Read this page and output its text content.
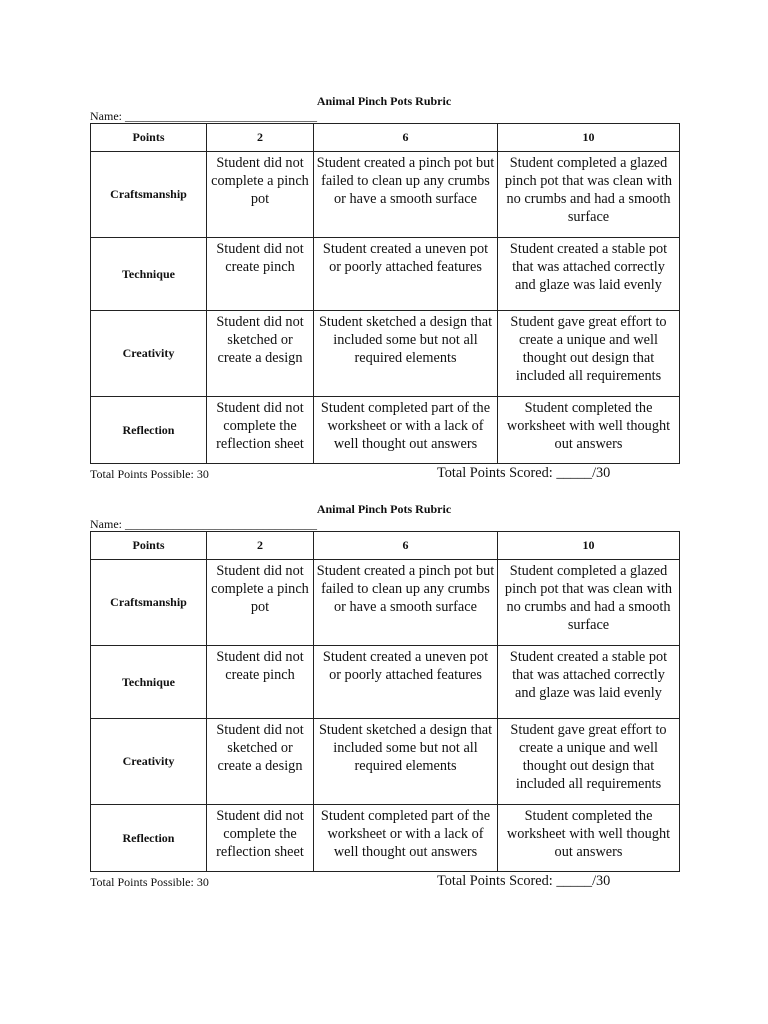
Animal Pinch Pots Rubric
Name: ________________________________
Points	2	6	10
Craftsmanship	Student did not complete a pinch pot	Student created a pinch pot but failed to clean up any crumbs or have a smooth surface	Student completed a glazed pinch pot that was clean with no crumbs and had a smooth surface
Technique	Student did not create pinch	Student created a uneven pot or poorly attached features	Student created a stable pot that was attached correctly and glaze was laid evenly
Creativity	Student did not sketched or create a design	Student sketched a design that included some but not all required elements	Student gave great effort to create a unique and well thought out design that included all requirements
Reflection	Student did not complete the reflection sheet	Student completed part of the worksheet or with a lack of well thought out answers	Student completed the worksheet with well thought out answers
Total Points Possible: 30	Total Points Scored: _____/30
Animal Pinch Pots Rubric
Name: ________________________________
Points	2	6	10
Craftsmanship	Student did not complete a pinch pot	Student created a pinch pot but failed to clean up any crumbs or have a smooth surface	Student completed a glazed pinch pot that was clean with no crumbs and had a smooth surface
Technique	Student did not create pinch	Student created a uneven pot or poorly attached features	Student created a stable pot that was attached correctly and glaze was laid evenly
Creativity	Student did not sketched or create a design	Student sketched a design that included some but not all required elements	Student gave great effort to create a unique and well thought out design that included all requirements
Reflection	Student did not complete the reflection sheet	Student completed part of the worksheet or with a lack of well thought out answers	Student completed the worksheet with well thought out answers
Total Points Possible: 30	Total Points Scored: _____/30
